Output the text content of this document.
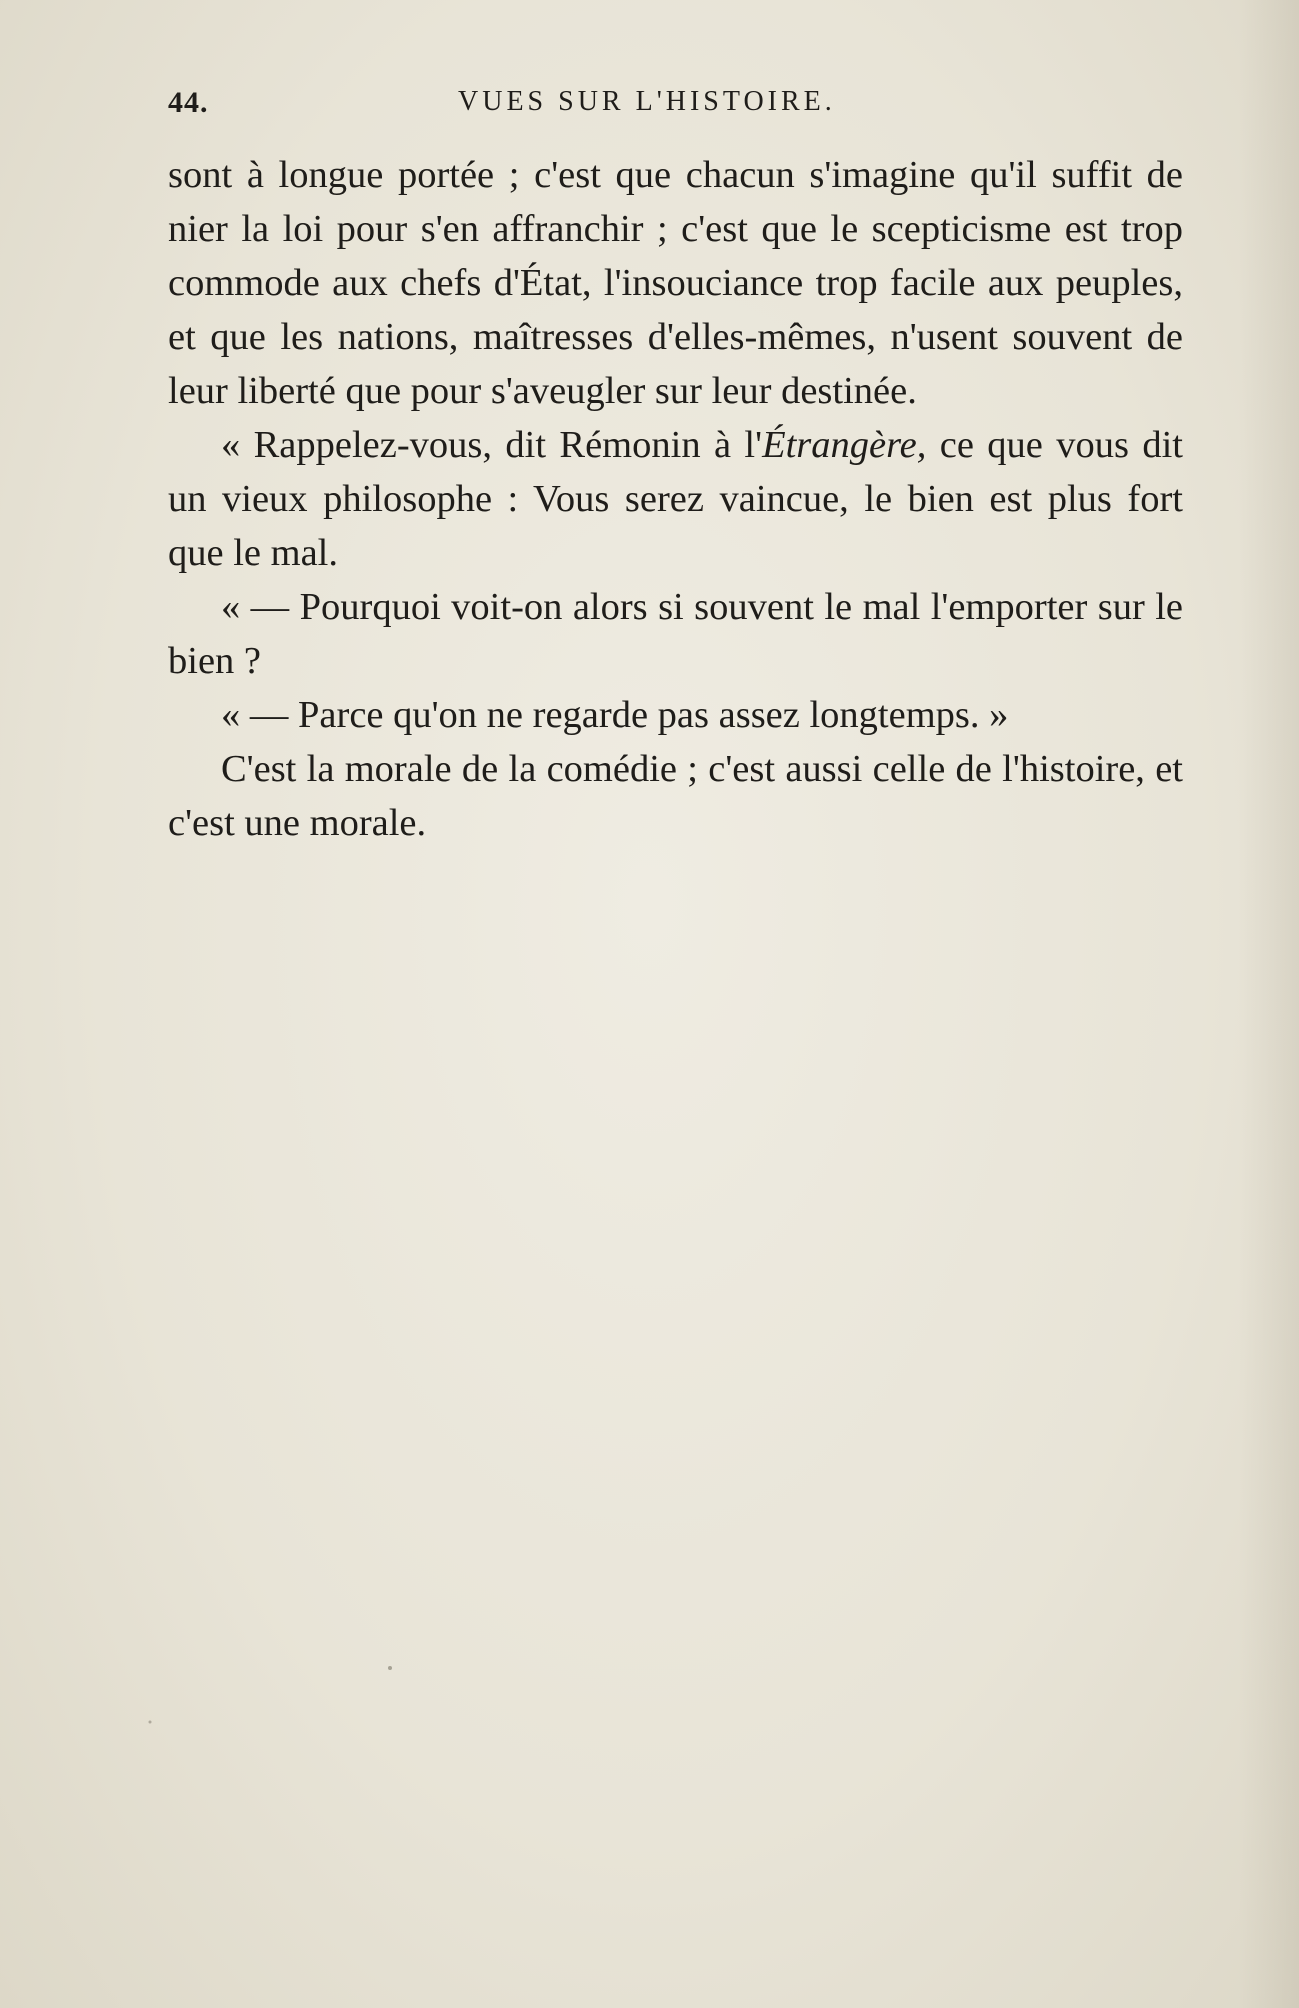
44.	VUES SUR L'HISTOIRE.

sont à longue portée ; c'est que chacun s'imagine qu'il suffit de nier la loi pour s'en affranchir ; c'est que le scepticisme est trop commode aux chefs d'État, l'insouciance trop facile aux peuples, et que les nations, maîtresses d'elles-mêmes, n'usent souvent de leur liberté que pour s'aveugler sur leur destinée.

« Rappelez-vous, dit Rémonin à l'Étrangère, ce que vous dit un vieux philosophe : Vous serez vaincue, le bien est plus fort que le mal.

« — Pourquoi voit-on alors si souvent le mal l'emporter sur le bien ?

« — Parce qu'on ne regarde pas assez longtemps. »

C'est la morale de la comédie ; c'est aussi celle de l'histoire, et c'est une morale.
